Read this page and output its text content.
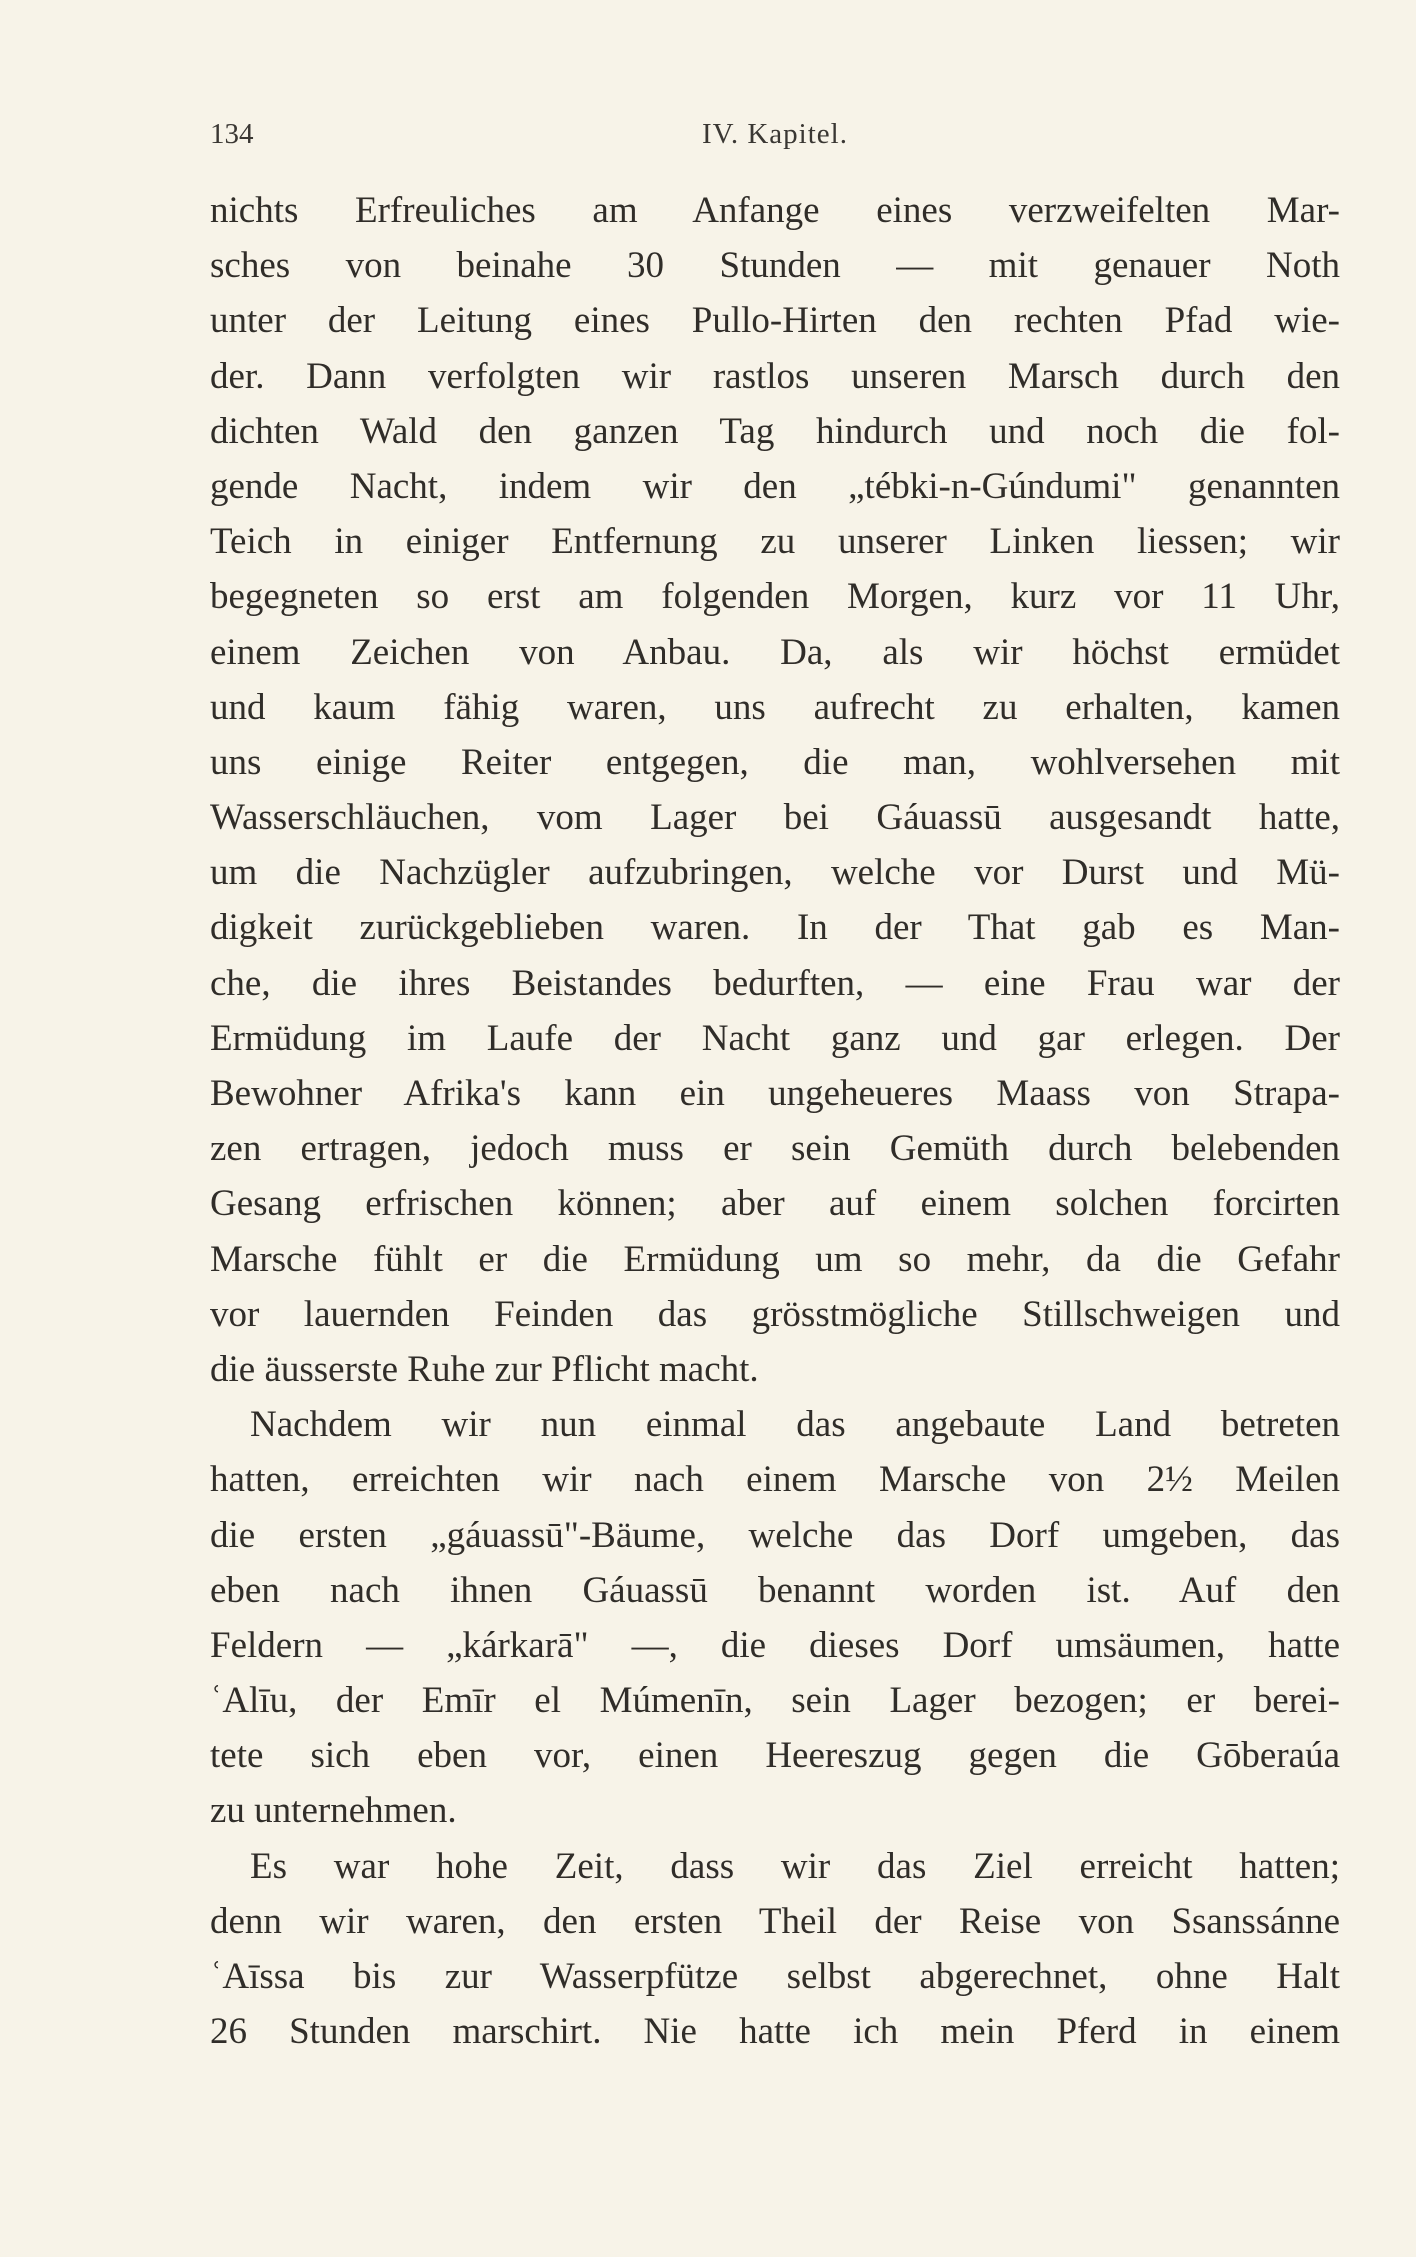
134	IV. Kapitel.
nichts Erfreuliches am Anfange eines verzweifelten Mar-
sches von beinahe 30 Stunden — mit genauer Noth
unter der Leitung eines Pullo-Hirten den rechten Pfad wie-
der. Dann verfolgten wir rastlos unseren Marsch durch den
dichten Wald den ganzen Tag hindurch und noch die fol-
gende Nacht, indem wir den „tébki-n-Gúndumi" genannten
Teich in einiger Entfernung zu unserer Linken liessen; wir
begegneten so erst am folgenden Morgen, kurz vor 11 Uhr,
einem Zeichen von Anbau. Da, als wir höchst ermüdet
und kaum fähig waren, uns aufrecht zu erhalten, kamen
uns einige Reiter entgegen, die man, wohlversehen mit
Wasserschläuchen, vom Lager bei Gáuassū ausgesandt hatte,
um die Nachzügler aufzubringen, welche vor Durst und Mü-
digkeit zurückgeblieben waren. In der That gab es Man-
che, die ihres Beistandes bedurften, — eine Frau war der
Ermüdung im Laufe der Nacht ganz und gar erlegen. Der
Bewohner Afrika's kann ein ungeheueres Maass von Strapa-
zen ertragen, jedoch muss er sein Gemüth durch belebenden
Gesang erfrischen können; aber auf einem solchen forcirten
Marsche fühlt er die Ermüdung um so mehr, da die Gefahr
vor lauernden Feinden das grösstmögliche Stillschweigen und
die äusserste Ruhe zur Pflicht macht.
Nachdem wir nun einmal das angebaute Land betreten
hatten, erreichten wir nach einem Marsche von 2½ Meilen
die ersten „gáuassū"-Bäume, welche das Dorf umgeben, das
eben nach ihnen Gáuassū benannt worden ist. Auf den
Feldern — „kárkarā" —, die dieses Dorf umsäumen, hatte
ʿAlīu, der Emīr el Múmenīn, sein Lager bezogen; er berei-
tete sich eben vor, einen Heereszug gegen die Gōberaúa
zu unternehmen.
Es war hohe Zeit, dass wir das Ziel erreicht hatten;
denn wir waren, den ersten Theil der Reise von Ssanssánne
ʿAīssa bis zur Wasserpfütze selbst abgerechnet, ohne Halt
26 Stunden marschirt. Nie hatte ich mein Pferd in einem
